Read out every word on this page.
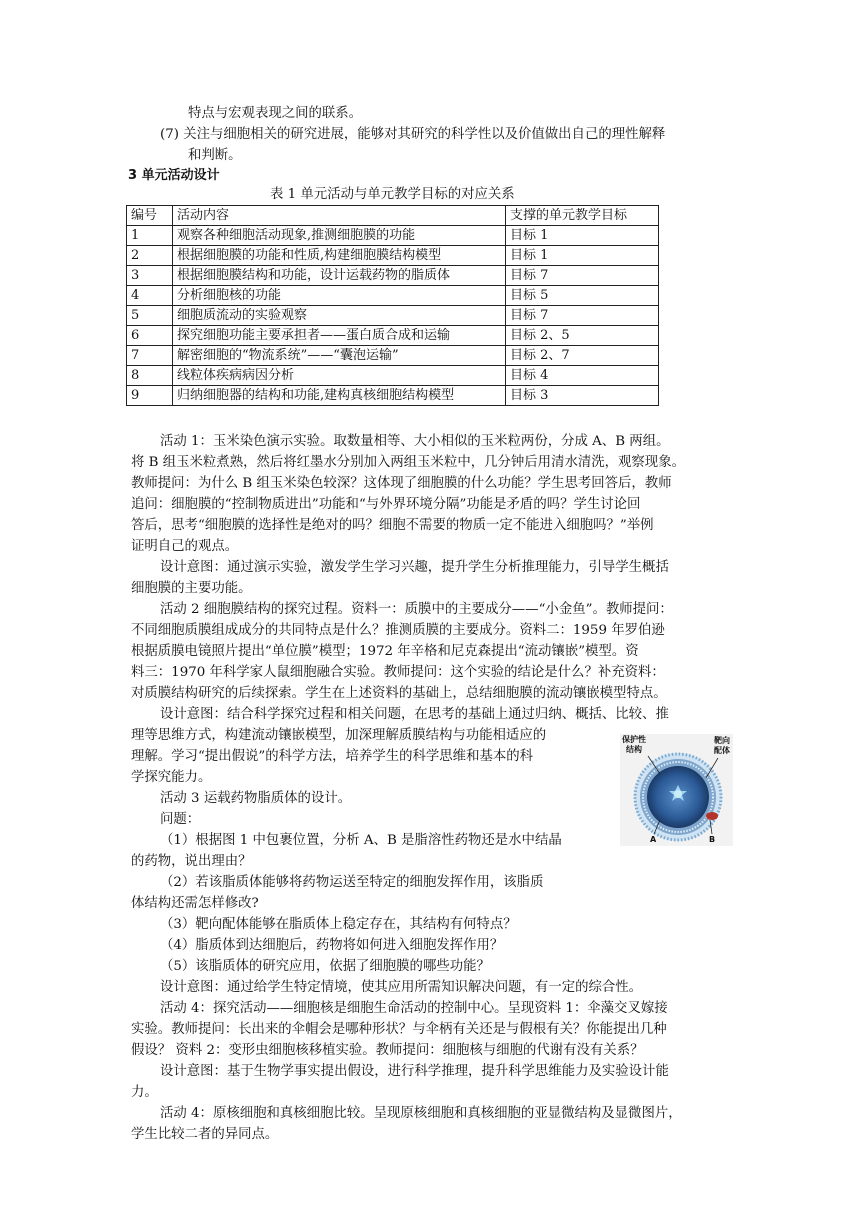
特点与宏观表现之间的联系。
(7) 关注与细胞相关的研究进展，能够对其研究的科学性以及价值做出自己的理性解释
和判断。
3 单元活动设计
表 1 单元活动与单元教学目标的对应关系
编号	活动内容	支撑的单元教学目标
1	观察各种细胞活动现象,推测细胞膜的功能	目标 1
2	根据细胞膜的功能和性质,构建细胞膜结构模型	目标 1
3	根据细胞膜结构和功能，设计运载药物的脂质体	目标 7
4	分析细胞核的功能	目标 5
5	细胞质流动的实验观察	目标 7
6	探究细胞功能主要承担者——蛋白质合成和运输	目标 2、5
7	解密细胞的“物流系统”——“囊泡运输”	目标 2、7
8	线粒体疾病病因分析	目标 4
9	归纳细胞器的结构和功能,建构真核细胞结构模型	目标 3
活动 1：玉米染色演示实验。取数量相等、大小相似的玉米粒两份，分成 A、B 两组。
将 B 组玉米粒煮熟，然后将红墨水分别加入两组玉米粒中，几分钟后用清水清洗，观察现象。
教师提问：为什么 B 组玉米染色较深？这体现了细胞膜的什么功能？学生思考回答后，教师
追问：细胞膜的“控制物质进出”功能和“与外界环境分隔”功能是矛盾的吗？学生讨论回
答后，思考“细胞膜的选择性是绝对的吗？细胞不需要的物质一定不能进入细胞吗？”举例
证明自己的观点。
设计意图：通过演示实验，激发学生学习兴趣，提升学生分析推理能力，引导学生概括
细胞膜的主要功能。
活动 2 细胞膜结构的探究过程。资料一：质膜中的主要成分——“小金鱼”。教师提问：
不同细胞质膜组成成分的共同特点是什么？推测质膜的主要成分。资料二：1959 年罗伯逊
根据质膜电镜照片提出“单位膜”模型；1972 年辛格和尼克森提出“流动镶嵌”模型。资
料三：1970 年科学家人鼠细胞融合实验。教师提问：这个实验的结论是什么？补充资料：
对质膜结构研究的后续探索。学生在上述资料的基础上，总结细胞膜的流动镶嵌模型特点。
设计意图：结合科学探究过程和相关问题，在思考的基础上通过归纳、概括、比较、推
理等思维方式，构建流动镶嵌模型，加深理解质膜结构与功能相适应的
理解。学习“提出假说”的科学方法，培养学生的科学思维和基本的科
学探究能力。
活动 3 运载药物脂质体的设计。
问题：
（1）根据图 1 中包裹位置，分析 A、B 是脂溶性药物还是水中结晶
的药物，说出理由？
（2）若该脂质体能够将药物运送至特定的细胞发挥作用，该脂质
体结构还需怎样修改?
（3）靶向配体能够在脂质体上稳定存在，其结构有何特点？
（4）脂质体到达细胞后，药物将如何进入细胞发挥作用？
（5）该脂质体的研究应用，依据了细胞膜的哪些功能？
设计意图：通过给学生特定情境，使其应用所需知识解决问题，有一定的综合性。
活动 4：探究活动——细胞核是细胞生命活动的控制中心。呈现资料 1：伞藻交叉嫁接
实验。教师提问：长出来的伞帽会是哪种形状？与伞柄有关还是与假根有关？你能提出几种
假设？ 资料 2：变形虫细胞核移植实验。教师提问：细胞核与细胞的代谢有没有关系？
设计意图：基于生物学事实提出假设，进行科学推理，提升科学思维能力及实验设计能
力。
活动 4：原核细胞和真核细胞比较。呈现原核细胞和真核细胞的亚显微结构及显微图片，
学生比较二者的异同点。
保护性
结构
靶向
配体
A	B
